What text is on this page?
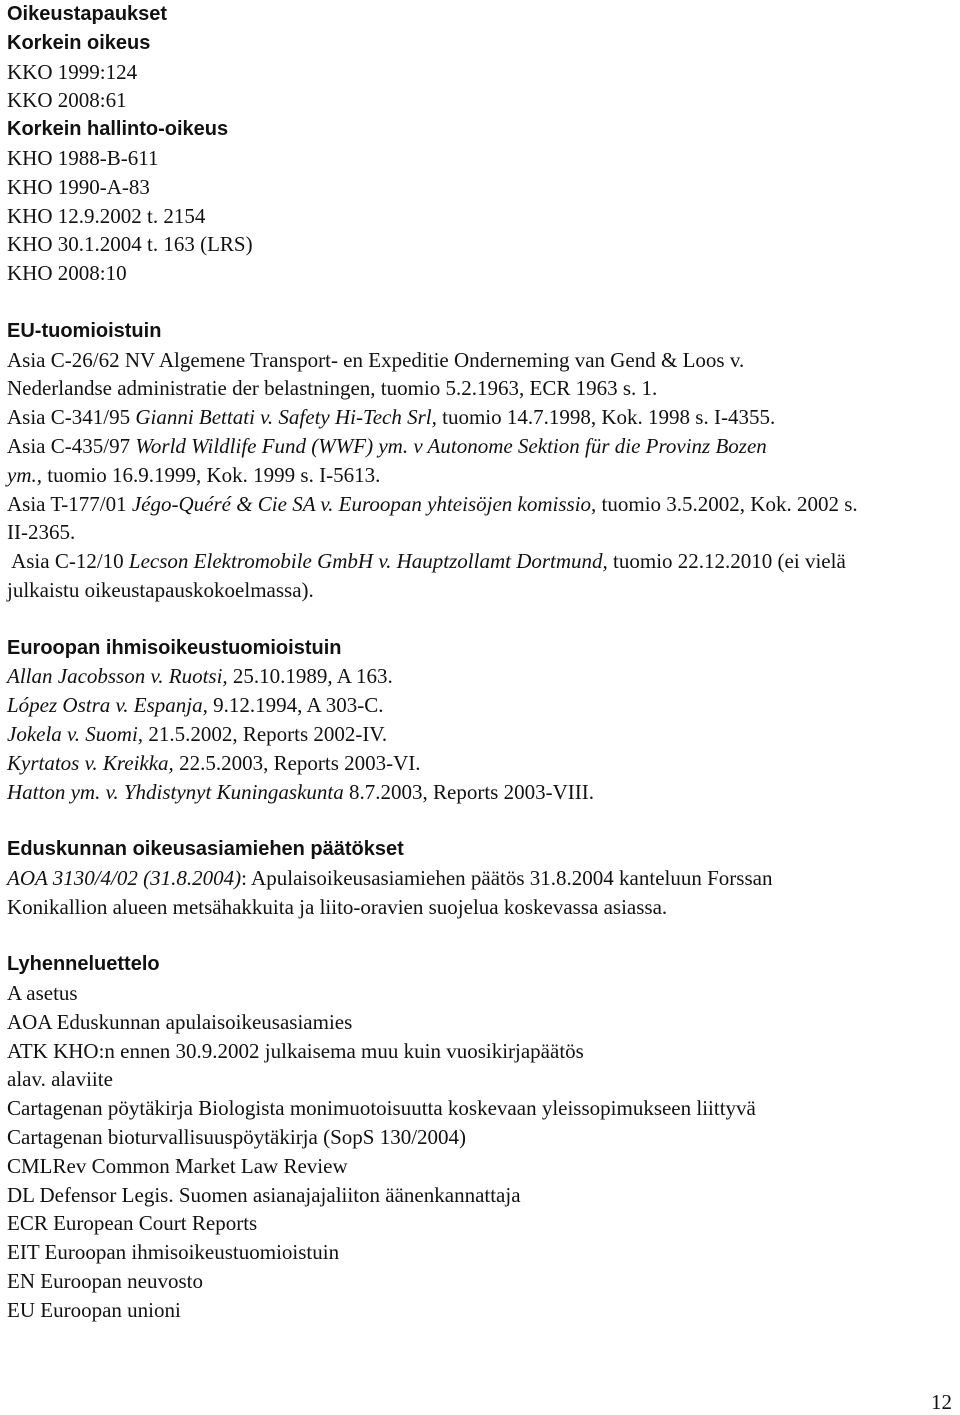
Oikeustapaukset
Korkein oikeus
KKO 1999:124
KKO 2008:61
Korkein hallinto-oikeus
KHO 1988-B-611
KHO 1990-A-83
KHO 12.9.2002 t. 2154
KHO 30.1.2004 t. 163 (LRS)
KHO 2008:10
EU-tuomioistuin
Asia C-26/62 NV Algemene Transport- en Expeditie Onderneming van Gend & Loos v.
Nederlandse administratie der belastningen, tuomio 5.2.1963, ECR 1963 s. 1.
Asia C-341/95 Gianni Bettati v. Safety Hi-Tech Srl, tuomio 14.7.1998, Kok. 1998 s. I-4355.
Asia C-435/97 World Wildlife Fund (WWF) ym. v Autonome Sektion für die Provinz Bozen
ym., tuomio 16.9.1999, Kok. 1999 s. I-5613.
Asia T-177/01 Jégo-Quéré & Cie SA v. Euroopan yhteisöjen komissio, tuomio 3.5.2002, Kok. 2002 s.
II-2365.
Asia C-12/10 Lecson Elektromobile GmbH v. Hauptzollamt Dortmund, tuomio 22.12.2010 (ei vielä
julkaistu oikeustapauskokoelmassa).
Euroopan ihmisoikeustuomioistuin
Allan Jacobsson v. Ruotsi, 25.10.1989, A 163.
López Ostra v. Espanja, 9.12.1994, A 303-C.
Jokela v. Suomi, 21.5.2002, Reports 2002-IV.
Kyrtatos v. Kreikka, 22.5.2003, Reports 2003-VI.
Hatton ym. v. Yhdistynyt Kuningaskunta 8.7.2003, Reports 2003-VIII.
Eduskunnan oikeusasiamiehen päätökset
AOA 3130/4/02 (31.8.2004): Apulaisoikeusasiamiehen päätös 31.8.2004 kanteluun Forssan
Konikallion alueen metsähakkuita ja liito-oravien suojelua koskevassa asiassa.
Lyhenneluettelo
A asetus
AOA Eduskunnan apulaisoikeusasiamies
ATK KHO:n ennen 30.9.2002 julkaisema muu kuin vuosikirjapäätös
alav. alaviite
Cartagenan pöytäkirja Biologista monimuotoisuutta koskevaan yleissopimukseen liittyvä
Cartagenan bioturvallisuuspöytäkirja (SopS 130/2004)
CMLRev Common Market Law Review
DL Defensor Legis. Suomen asianajajaliiton äänenkannattaja
ECR European Court Reports
EIT Euroopan ihmisoikeustuomioistuin
EN Euroopan neuvosto
EU Euroopan unioni
12
